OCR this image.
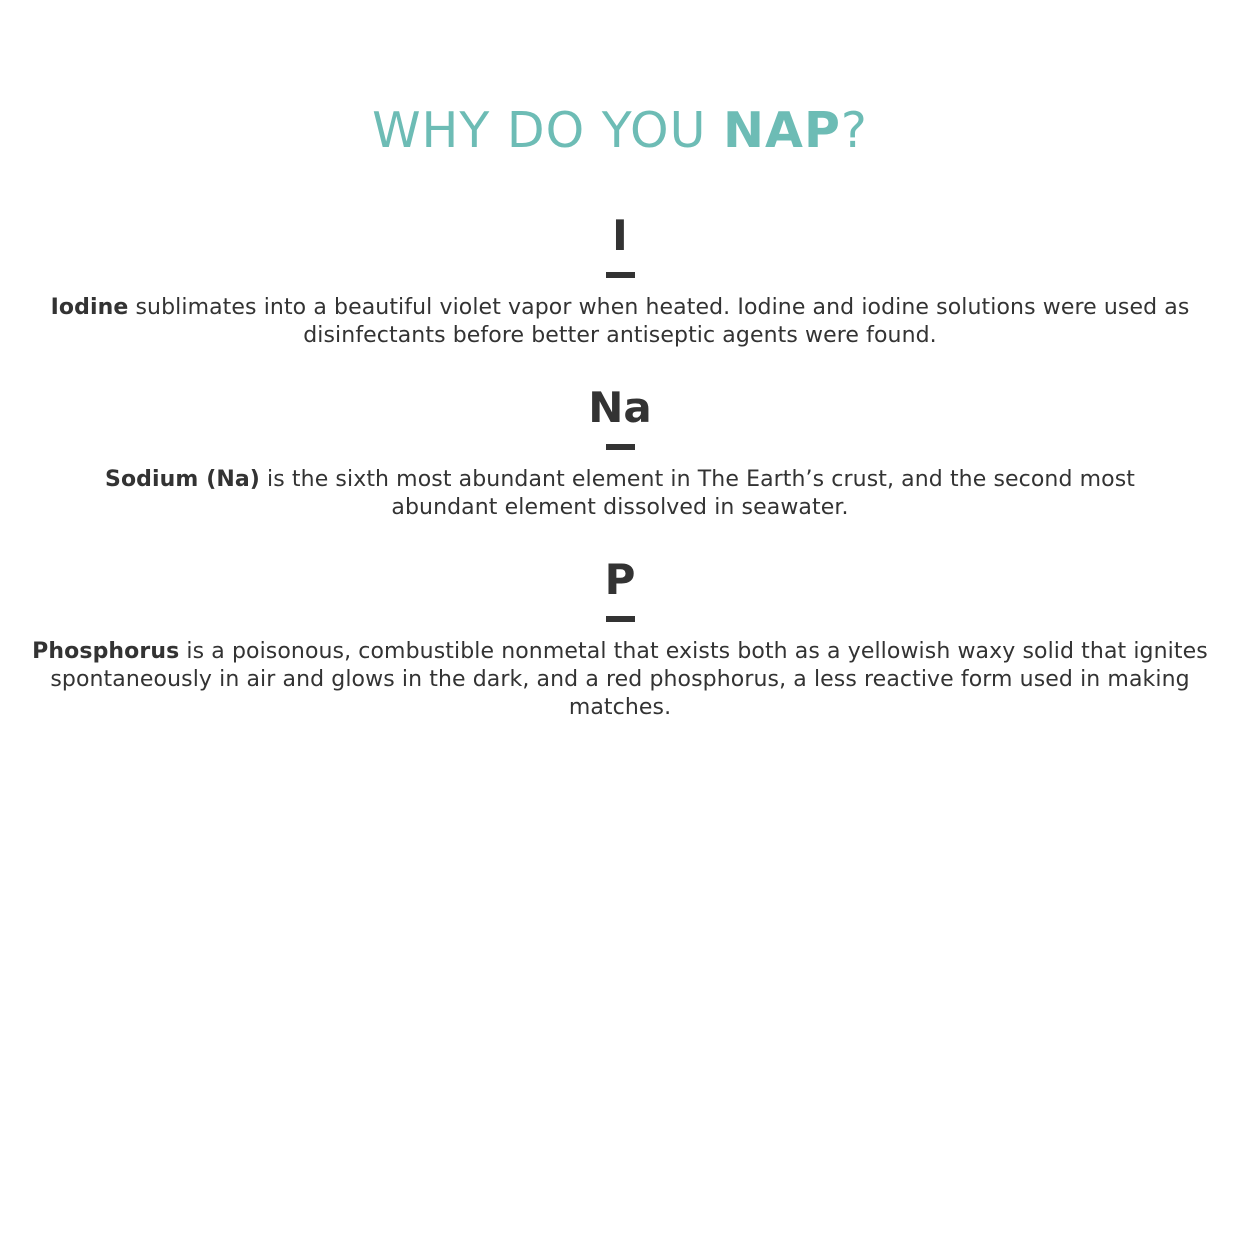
WHY DO YOU NAP?
I

Iodine sublimates into a beautiful violet vapor when heated. Iodine and iodine solutions were used as disinfectants before better antiseptic agents were found.

Na

Sodium (Na) is the sixth most abundant element in The Earth’s crust, and the second most abundant element dissolved in seawater.

P

Phosphorus is a poisonous, combustible nonmetal that exists both as a yellowish waxy solid that ignites spontaneously in air and glows in the dark, and a red phosphorus, a less reactive form used in making matches.
